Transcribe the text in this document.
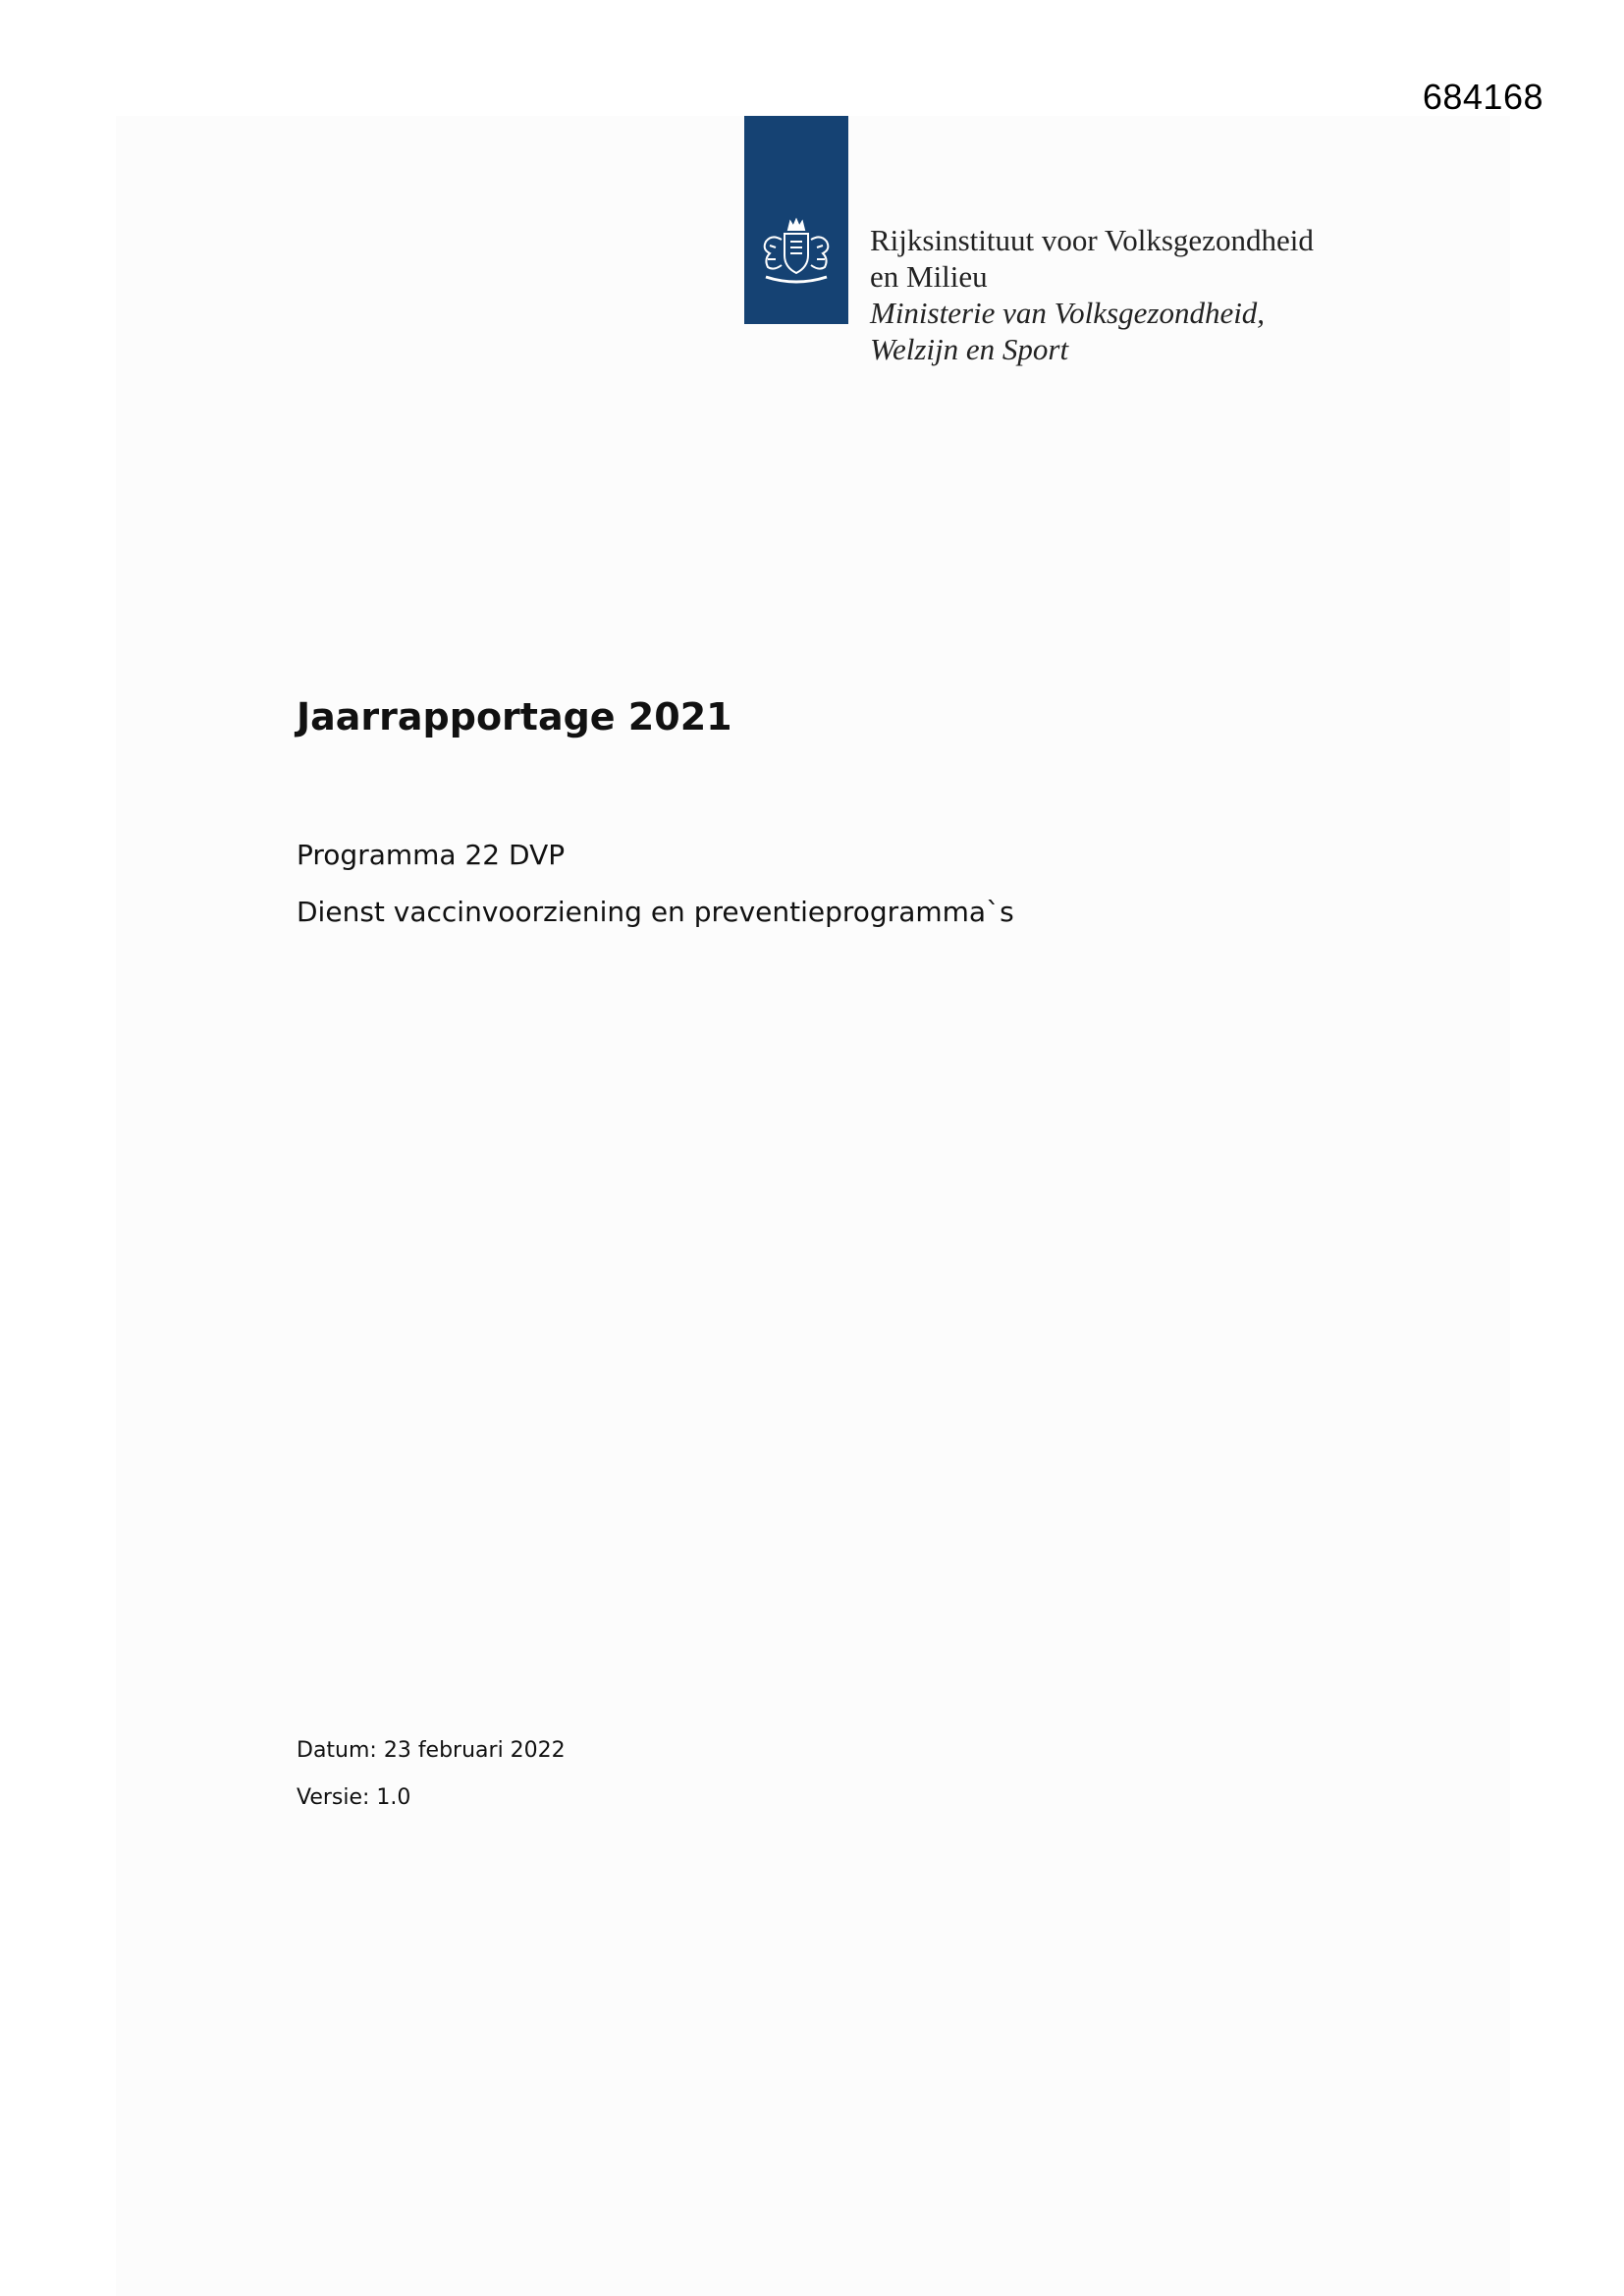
684168
Rijksinstituut voor Volksgezondheid
en Milieu
Ministerie van Volksgezondheid,
Welzijn en Sport
Jaarrapportage 2021
Programma 22 DVP
Dienst vaccinvoorziening en preventieprogramma`s
Datum: 23 februari 2022
Versie: 1.0
